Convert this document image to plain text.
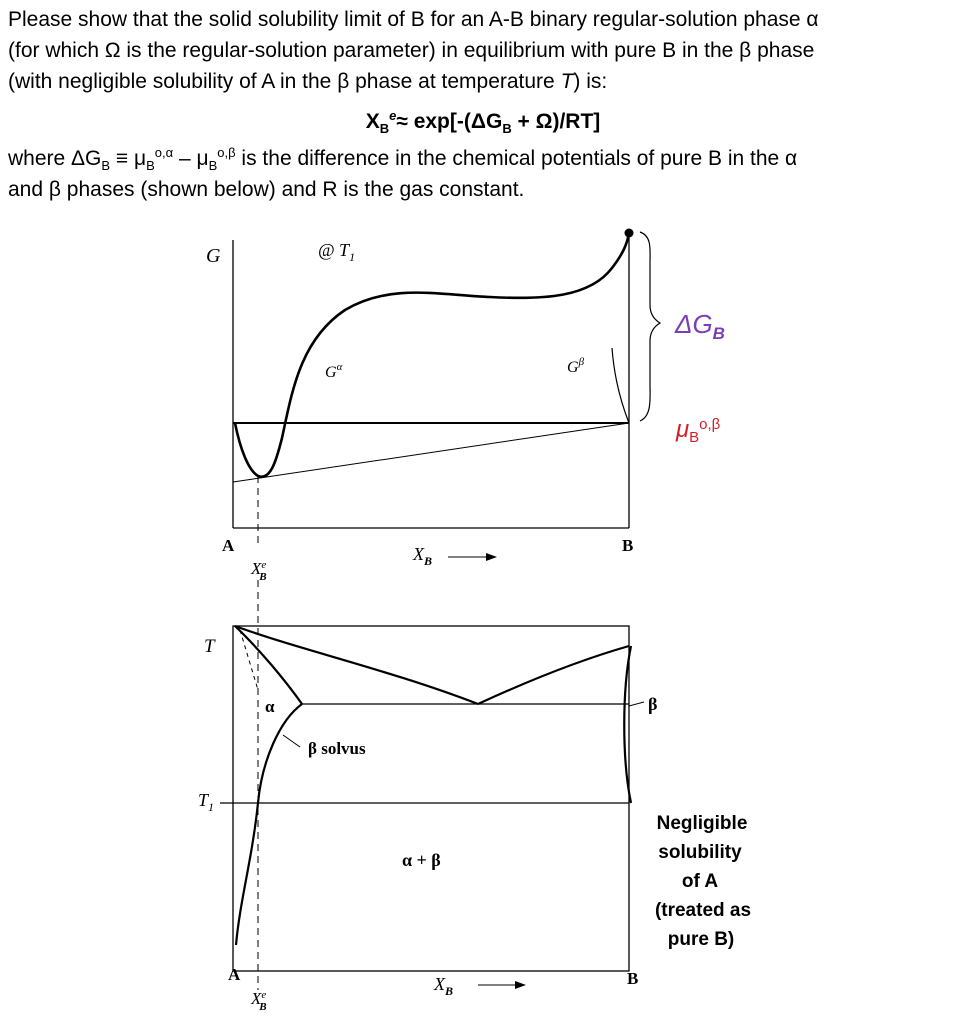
Please show that the solid solubility limit of B for an A-B binary regular-solution phase α

(for which Ω is the regular-solution parameter) in equilibrium with pure B in the β phase

(with negligible solubility of A in the β phase at temperature T) is:

$X_B^e\approx \exp[-(\Delta G_B + \Omega)/RT]$

where $\Delta G_B \equiv \mu_B^{o,\alpha} - \mu_B^{o,\beta}$ is the difference in the chemical potentials of pure B in the α

and β phases (shown below) and R is the gas constant.

G	@ $T_1$
$G^\alpha$	$G^\beta$
$\Delta G_B$
$\mu_B^{o,\beta}$
A	B
$X_B$
Xe B
T
$T_1$
α	β
β solvus
α + β
A	B
$X_B$
Xe B
Negligible
solubility
of A
(treated as
pure B)
